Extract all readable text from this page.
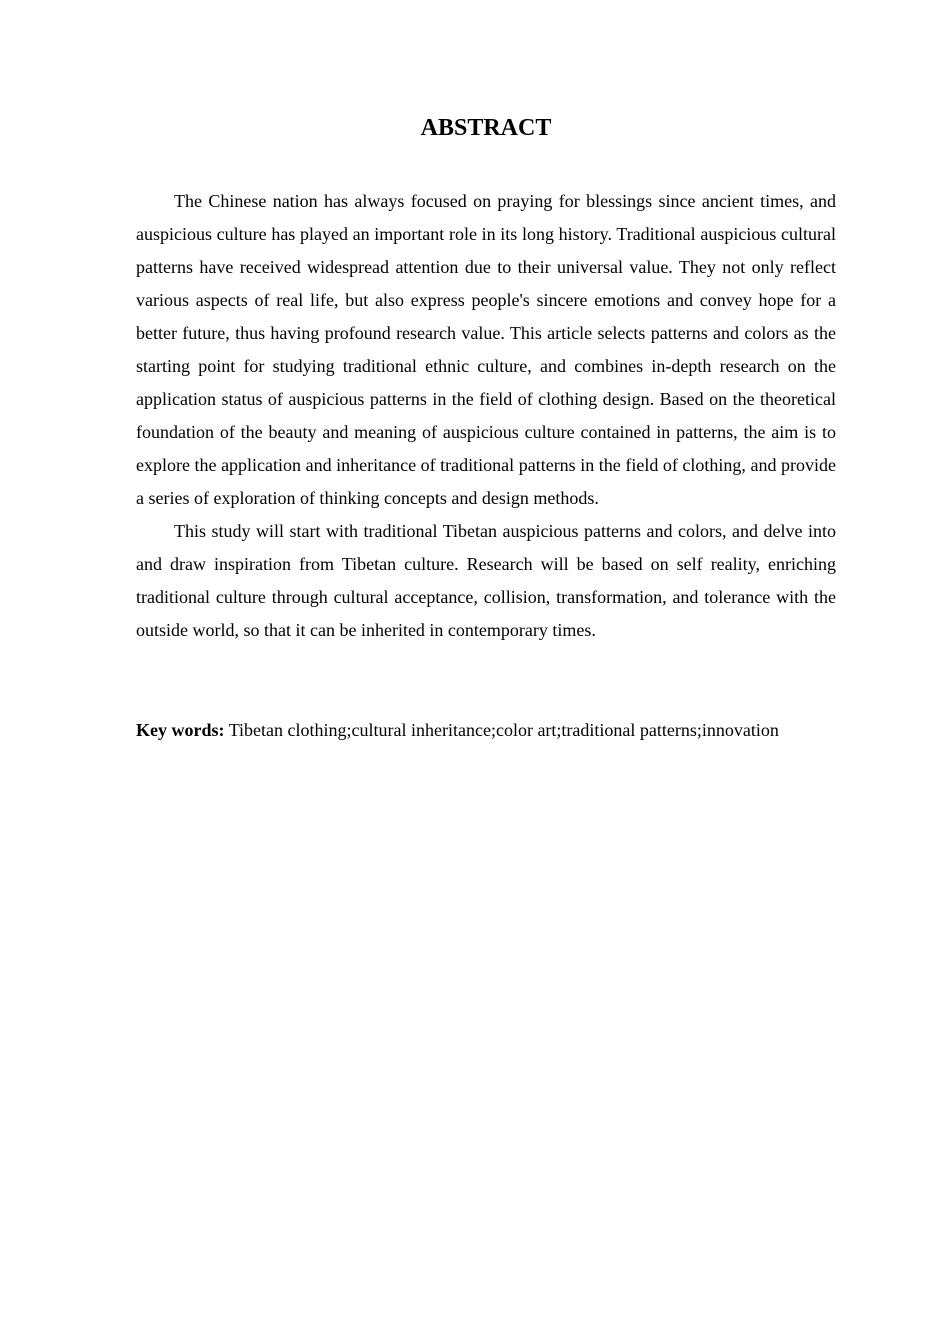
ABSTRACT

The Chinese nation has always focused on praying for blessings since ancient times, and auspicious culture has played an important role in its long history. Traditional auspicious cultural patterns have received widespread attention due to their universal value. They not only reflect various aspects of real life, but also express people's sincere emotions and convey hope for a better future, thus having profound research value. This article selects patterns and colors as the starting point for studying traditional ethnic culture, and combines in-depth research on the application status of auspicious patterns in the field of clothing design. Based on the theoretical foundation of the beauty and meaning of auspicious culture contained in patterns, the aim is to explore the application and inheritance of traditional patterns in the field of clothing, and provide a series of exploration of thinking concepts and design methods.

This study will start with traditional Tibetan auspicious patterns and colors, and delve into and draw inspiration from Tibetan culture. Research will be based on self reality, enriching traditional culture through cultural acceptance, collision, transformation, and tolerance with the outside world, so that it can be inherited in contemporary times.

Key words: Tibetan clothing;cultural inheritance;color art;traditional patterns;innovation
